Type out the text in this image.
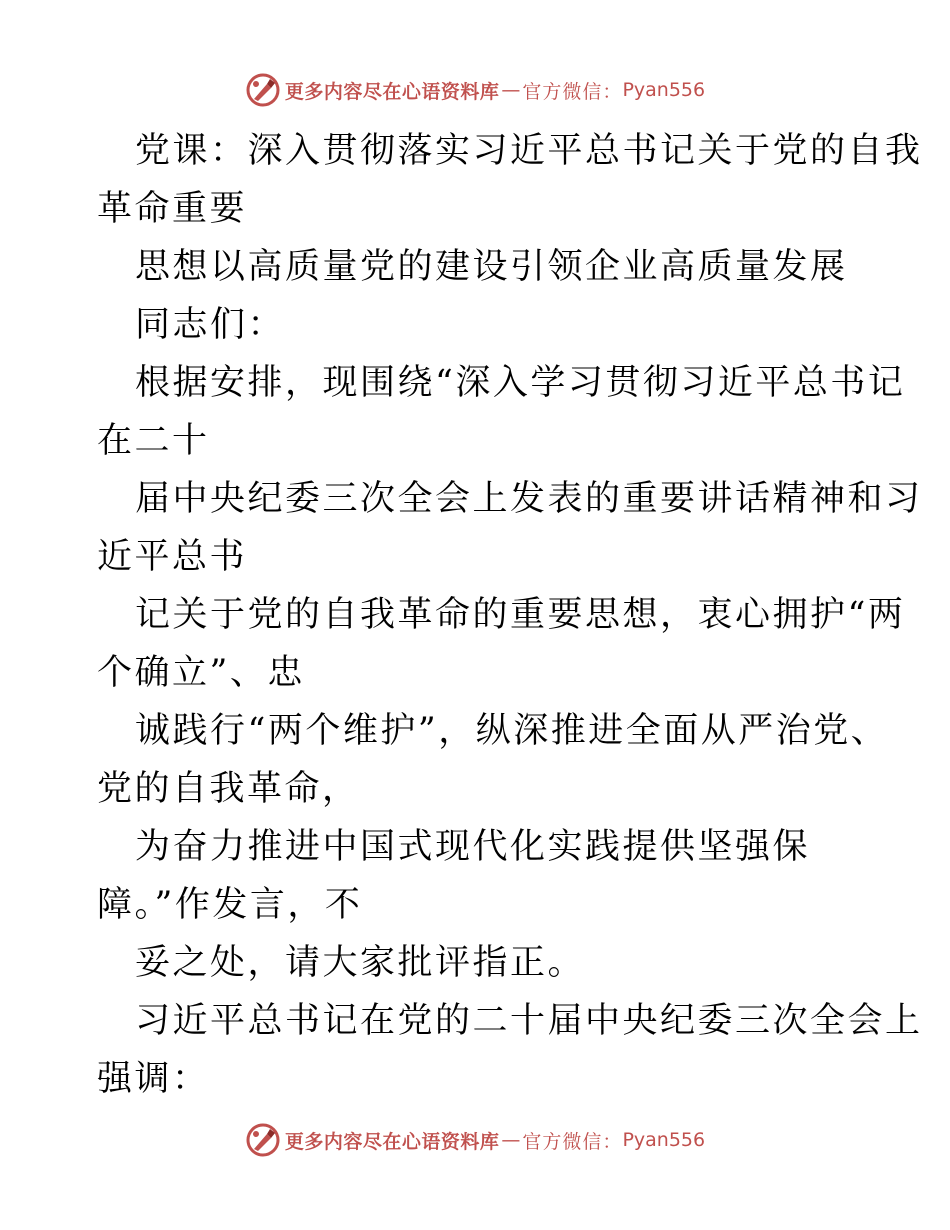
更多内容尽在心语资料库 — 官方微信： Pyan556
党课：深入贯彻落实习近平总书记关于党的自我
革命重要
思想以高质量党的建设引领企业高质量发展
同志们：
根据安排，现围绕“深入学习贯彻习近平总书记
在二十
届中央纪委三次全会上发表的重要讲话精神和习
近平总书
记关于党的自我革命的重要思想，衷心拥护“两
个确立”、忠
诚践行“两个维护”，纵深推进全面从严治党、
党的自我革命，
为奋力推进中国式现代化实践提供坚强保
障。”作发言，不
妥之处，请大家批评指正。
习近平总书记在党的二十届中央纪委三次全会上
强调：
更多内容尽在心语资料库 — 官方微信： Pyan556
